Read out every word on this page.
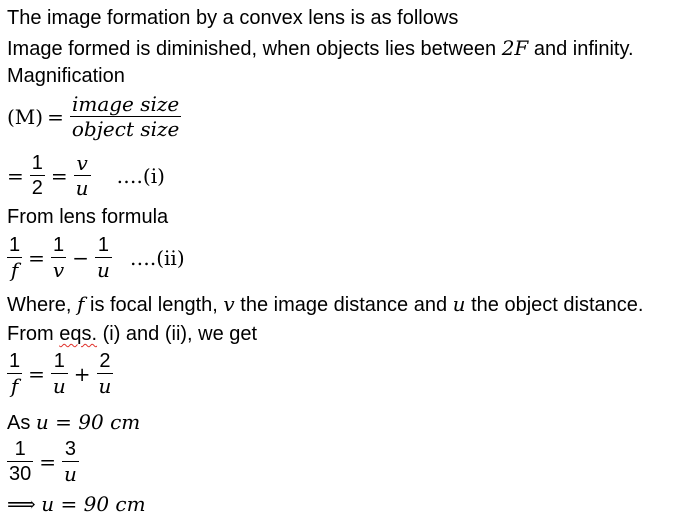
The image formation by a convex lens is as follows
Image formed is diminished, when objects lies between 2F and infinity.
Magnification
$(M) = \frac{\text{image size}}{\text{object size}}$
= $\frac{1}{2} = \frac{v}{u}$ ….(i)
From lens formula
$\frac{1}{f} = \frac{1}{v} - \frac{1}{u}$ ….(ii)
Where, f is focal length, v the image distance and u the object distance.
From eqs. (i) and (ii), we get
$\frac{1}{f} = \frac{1}{u} + \frac{2}{u}$
As u = 90 cm
$\frac{1}{30} = \frac{3}{u}$
⟹ u = 90 cm
